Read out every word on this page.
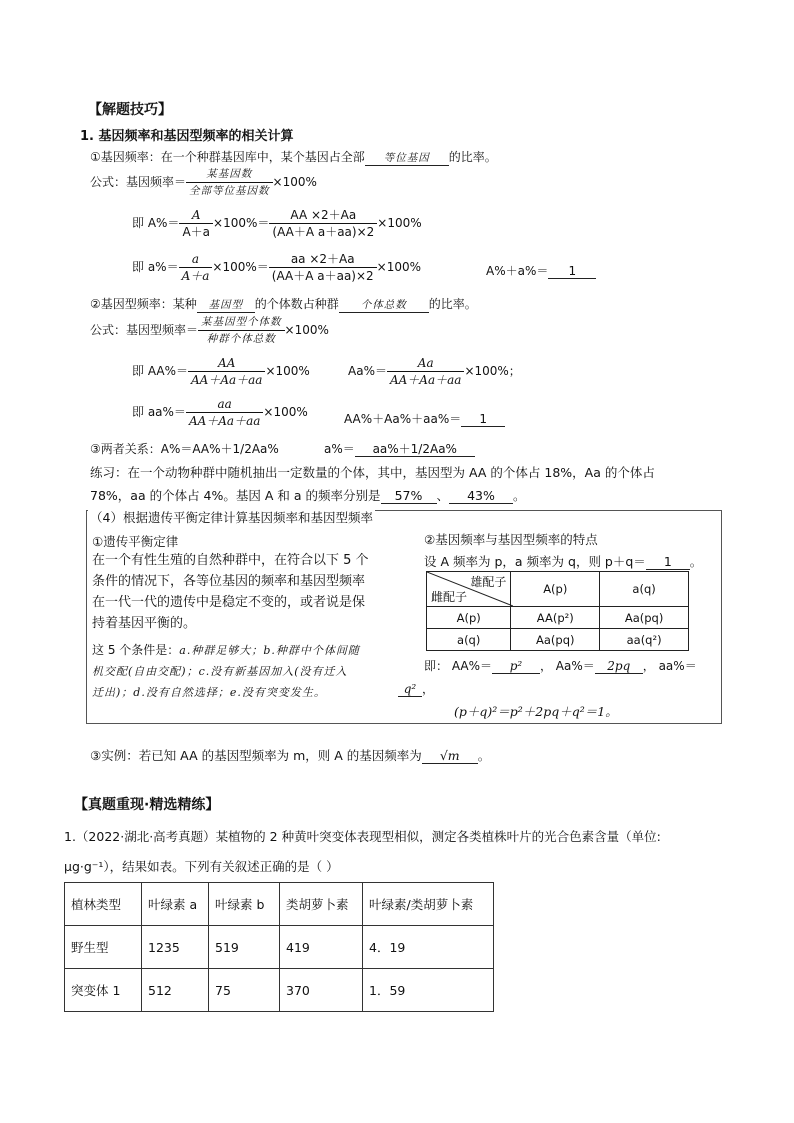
【解题技巧】
1. 基因频率和基因型频率的相关计算
①基因频率：在一个种群基因库中，某个基因占全部 等位基因 的比率。
公式：基因频率＝ $\frac{\text{某基因数}}{\text{全部等位基因数}} \times 100\%$
即 $A\%= \frac{A}{A+a} \times 100\%= \frac{AA \times 2+Aa}{\text{(AA＋A a＋aa)×2}} \times 100\%$
即 $a\%= \frac{a}{A+a} \times 100\%= \frac{aa \times 2+Aa}{\text{(AA＋A a＋aa)×2}} \times 100\%$	A%＋a%＝ 1
②基因型频率：某种 基因型 的个体数占种群 个体总数 的比率。
公式：基因型频率＝ $\frac{\text{某基因型个体数}}{\text{种群个体总数}} \times 100\%$
即 $AA\%= \frac{AA}{AA+Aa+aa} \times 100\%$	$Aa\%= \frac{Aa}{AA+Aa+aa} \times 100\%$；
即 $aa\%= \frac{aa}{AA+Aa+aa} \times 100\%$	AA%＋Aa%＋aa%＝ 1
③两者关系：A%＝AA%＋1/2Aa%	a%＝ aa%＋1/2Aa%
练习：在一个动物种群中随机抽出一定数量的个体，其中，基因型为 AA 的个体占 18%，Aa 的个体占
78%，aa 的个体占 4%。基因 A 和 a 的频率分别是 57% 、 43% 。
（4）根据遗传平衡定律计算基因频率和基因型频率
①遗传平衡定律
在一个有性生殖的自然种群中，在符合以下 5 个
条件的情况下，各等位基因的频率和基因型频率
在一代一代的遗传中是稳定不变的，或者说是保
持着基因平衡的。
这 5 个条件是：a.种群足够大；b.种群中个体间随
机交配(自由交配)；c.没有新基因加入(没有迁入
迁出)；d.没有自然选择；e.没有突变发生。
②基因频率与基因型频率的特点
设 A 频率为 p，a 频率为 q，则 p＋q＝ 1 。
雄配子
雌配子	A(p)	a(q)
A(p)	AA(p²)	Aa(pq)
a(q)	Aa(pq)	aa(q²)
即： AA%＝ p² ， Aa%＝ 2pq ， aa%＝
q² ，
(p＋q)²＝p²＋2pq＋q²＝1。
③实例：若已知 AA 的基因型频率为 m，则 A 的基因频率为 √m 。
【真题重现·精选精练】
1.（2022·湖北·高考真题）某植物的 2 种黄叶突变体表现型相似，测定各类植株叶片的光合色素含量（单位:
μg·g⁻¹），结果如表。下列有关叙述正确的是（ ）
植林类型	叶绿素 a	叶绿素 b	类胡萝卜素	叶绿素/类胡萝卜素
野生型	1235	519	419	4．19
突变体 1	512	75	370	1．59
